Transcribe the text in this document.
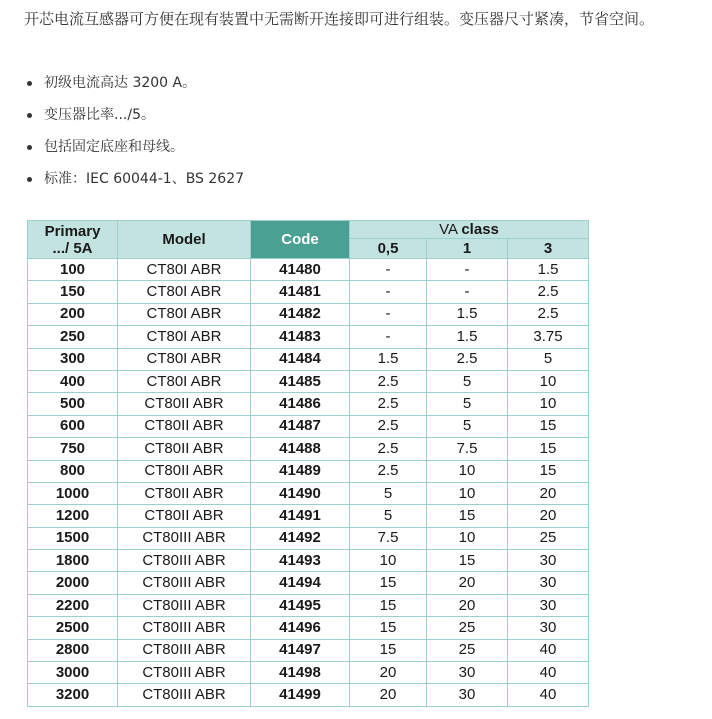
开芯电流互感器可方便在现有装置中无需断开连接即可进行组装。变压器尺寸紧凑，节省空间。

初级电流高达 3200 A。
变压器比率.../5。
包括固定底座和母线。
标准：IEC 60044-1、BS 2627
Primary
.../ 5A	Model	Code	VA class		
			0,5	1	3
100	CT80I ABR	41480	-	-	1.5
150	CT80I ABR	41481	-	-	2.5
200	CT80I ABR	41482	-	1.5	2.5
250	CT80I ABR	41483	-	1.5	3.75
300	CT80I ABR	41484	1.5	2.5	5
400	CT80I ABR	41485	2.5	5	10
500	CT80II ABR	41486	2.5	5	10
600	CT80II ABR	41487	2.5	5	15
750	CT80II ABR	41488	2.5	7.5	15
800	CT80II ABR	41489	2.5	10	15
1000	CT80II ABR	41490	5	10	20
1200	CT80II ABR	41491	5	15	20
1500	CT80III ABR	41492	7.5	10	25
1800	CT80III ABR	41493	10	15	30
2000	CT80III ABR	41494	15	20	30
2200	CT80III ABR	41495	15	20	30
2500	CT80III ABR	41496	15	25	30
2800	CT80III ABR	41497	15	25	40
3000	CT80III ABR	41498	20	30	40
3200	CT80III ABR	41499	20	30	40
